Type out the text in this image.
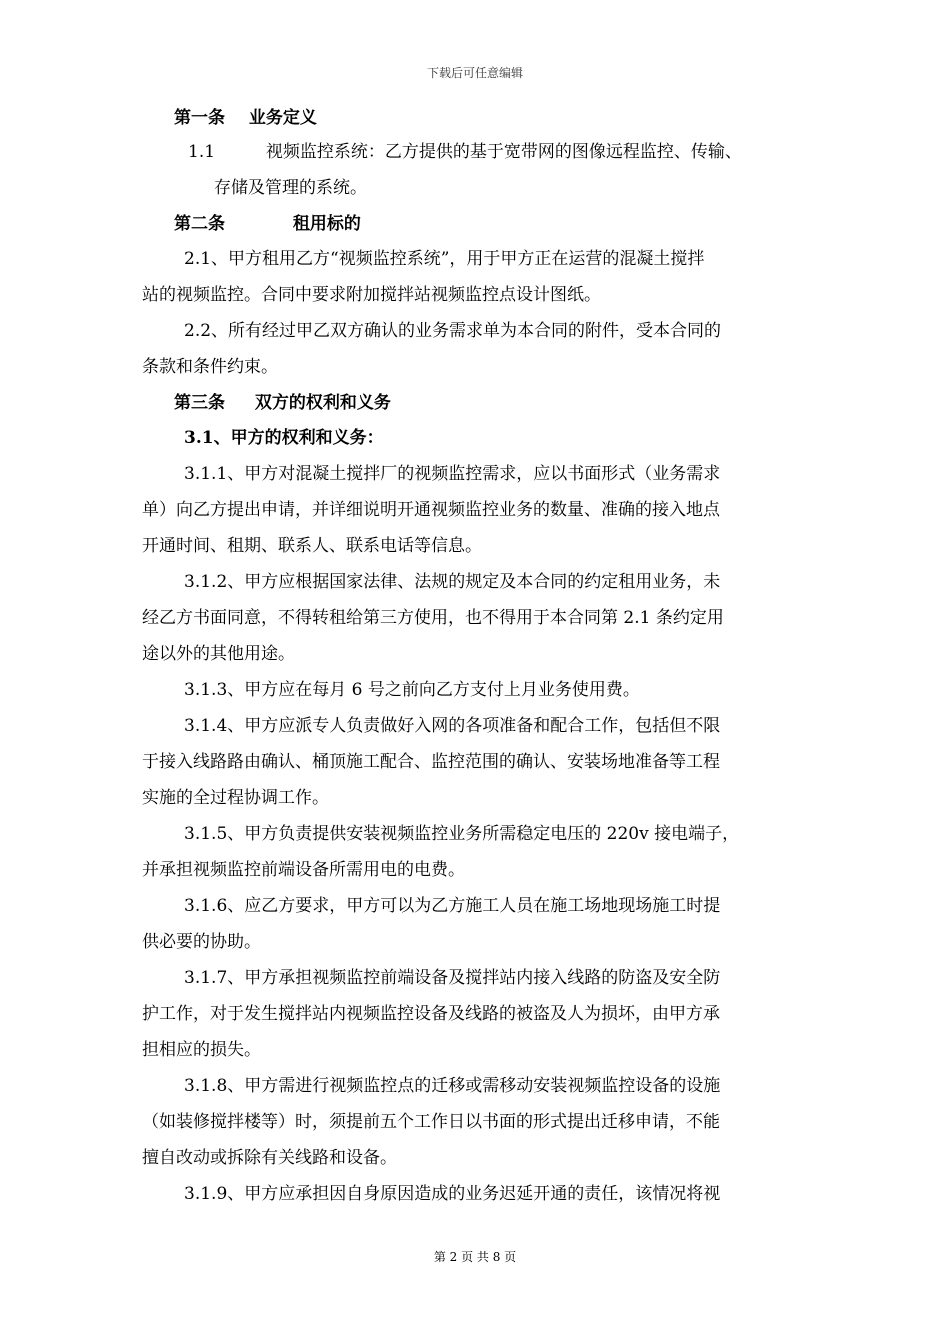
下载后可任意编辑
第一条 业务定义
1.1	视频监控系统：乙方提供的基于宽带网的图像远程监控、传输、
存储及管理的系统。
第二条	租用标的
2.1、甲方租用乙方“视频监控系统”，用于甲方正在运营的混凝土搅拌
站的视频监控。合同中要求附加搅拌站视频监控点设计图纸。
2.2、所有经过甲乙双方确认的业务需求单为本合同的附件，受本合同的
条款和条件约束。
第三条 双方的权利和义务
3.1、甲方的权利和义务：
3.1.1、甲方对混凝土搅拌厂的视频监控需求，应以书面形式（业务需求
单）向乙方提出申请，并详细说明开通视频监控业务的数量、准确的接入地点
开通时间、租期、联系人、联系电话等信息。
3.1.2、甲方应根据国家法律、法规的规定及本合同的约定租用业务，未
经乙方书面同意，不得转租给第三方使用，也不得用于本合同第 2.1 条约定用
途以外的其他用途。
3.1.3、甲方应在每月 6 号之前向乙方支付上月业务使用费。
3.1.4、甲方应派专人负责做好入网的各项准备和配合工作，包括但不限
于接入线路路由确认、桶顶施工配合、监控范围的确认、安装场地准备等工程
实施的全过程协调工作。
3.1.5、甲方负责提供安装视频监控业务所需稳定电压的 220v 接电端子，
并承担视频监控前端设备所需用电的电费。
3.1.6、应乙方要求，甲方可以为乙方施工人员在施工场地现场施工时提
供必要的协助。
3.1.7、甲方承担视频监控前端设备及搅拌站内接入线路的防盗及安全防
护工作，对于发生搅拌站内视频监控设备及线路的被盗及人为损坏，由甲方承
担相应的损失。
3.1.8、甲方需进行视频监控点的迁移或需移动安装视频监控设备的设施
（如装修搅拌楼等）时，须提前五个工作日以书面的形式提出迁移申请，不能
擅自改动或拆除有关线路和设备。
3.1.9、甲方应承担因自身原因造成的业务迟延开通的责任，该情况将视
第 2 页 共 8 页
